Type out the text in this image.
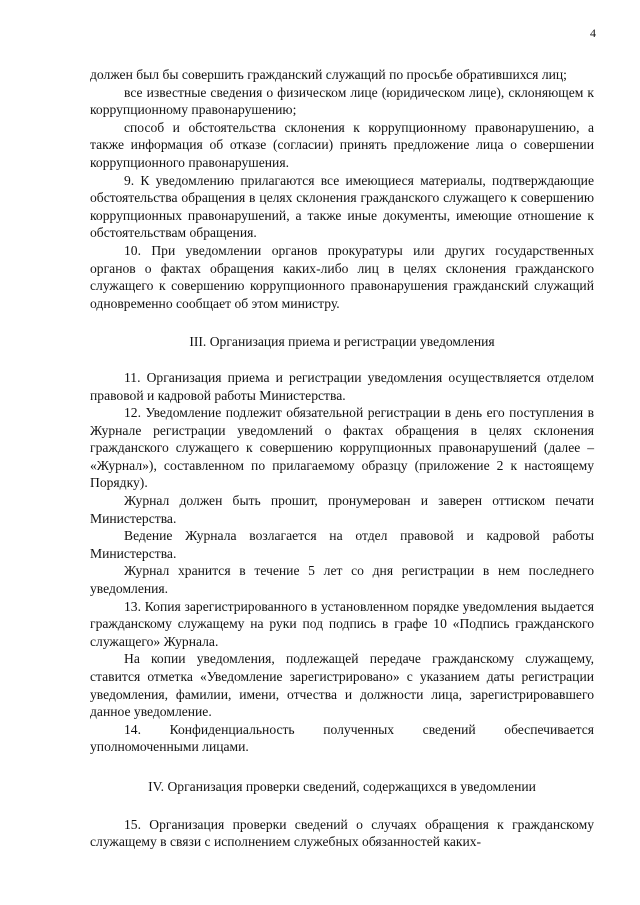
4

должен был бы совершить гражданский служащий по просьбе обратившихся лиц;

все известные сведения о физическом лице (юридическом лице), склоняющем к коррупционному правонарушению;

способ и обстоятельства склонения к коррупционному правонарушению, а также информация об отказе (согласии) принять предложение лица о совершении коррупционного правонарушения.

9. К уведомлению прилагаются все имеющиеся материалы, подтверждающие обстоятельства обращения в целях склонения гражданского служащего к совершению коррупционных правонарушений, а также иные документы, имеющие отношение к обстоятельствам обращения.

10. При уведомлении органов прокуратуры или других государственных органов о фактах обращения каких-либо лиц в целях склонения гражданского служащего к совершению коррупционного правонарушения гражданский служащий одновременно сообщает об этом министру.

III. Организация приема и регистрации уведомления

11. Организация приема и регистрации уведомления осуществляется отделом правовой и кадровой работы Министерства.

12. Уведомление подлежит обязательной регистрации в день его поступления в Журнале регистрации уведомлений о фактах обращения в целях склонения гражданского служащего к совершению коррупционных правонарушений (далее – «Журнал»), составленном по прилагаемому образцу (приложение 2 к настоящему Порядку).

Журнал должен быть прошит, пронумерован и заверен оттиском печати Министерства.

Ведение Журнала возлагается на отдел правовой и кадровой работы Министерства.

Журнал хранится в течение 5 лет со дня регистрации в нем последнего уведомления.

13. Копия зарегистрированного в установленном порядке уведомления выдается гражданскому служащему на руки под подпись в графе 10 «Подпись гражданского служащего» Журнала.

На копии уведомления, подлежащей передаче гражданскому служащему, ставится отметка «Уведомление зарегистрировано» с указанием даты регистрации уведомления, фамилии, имени, отчества и должности лица, зарегистрировавшего данное уведомление.

14. Конфиденциальность полученных сведений обеспечивается уполномоченными лицами.

IV. Организация проверки сведений, содержащихся в уведомлении

15. Организация проверки сведений о случаях обращения к гражданскому служащему в связи с исполнением служебных обязанностей каких-
